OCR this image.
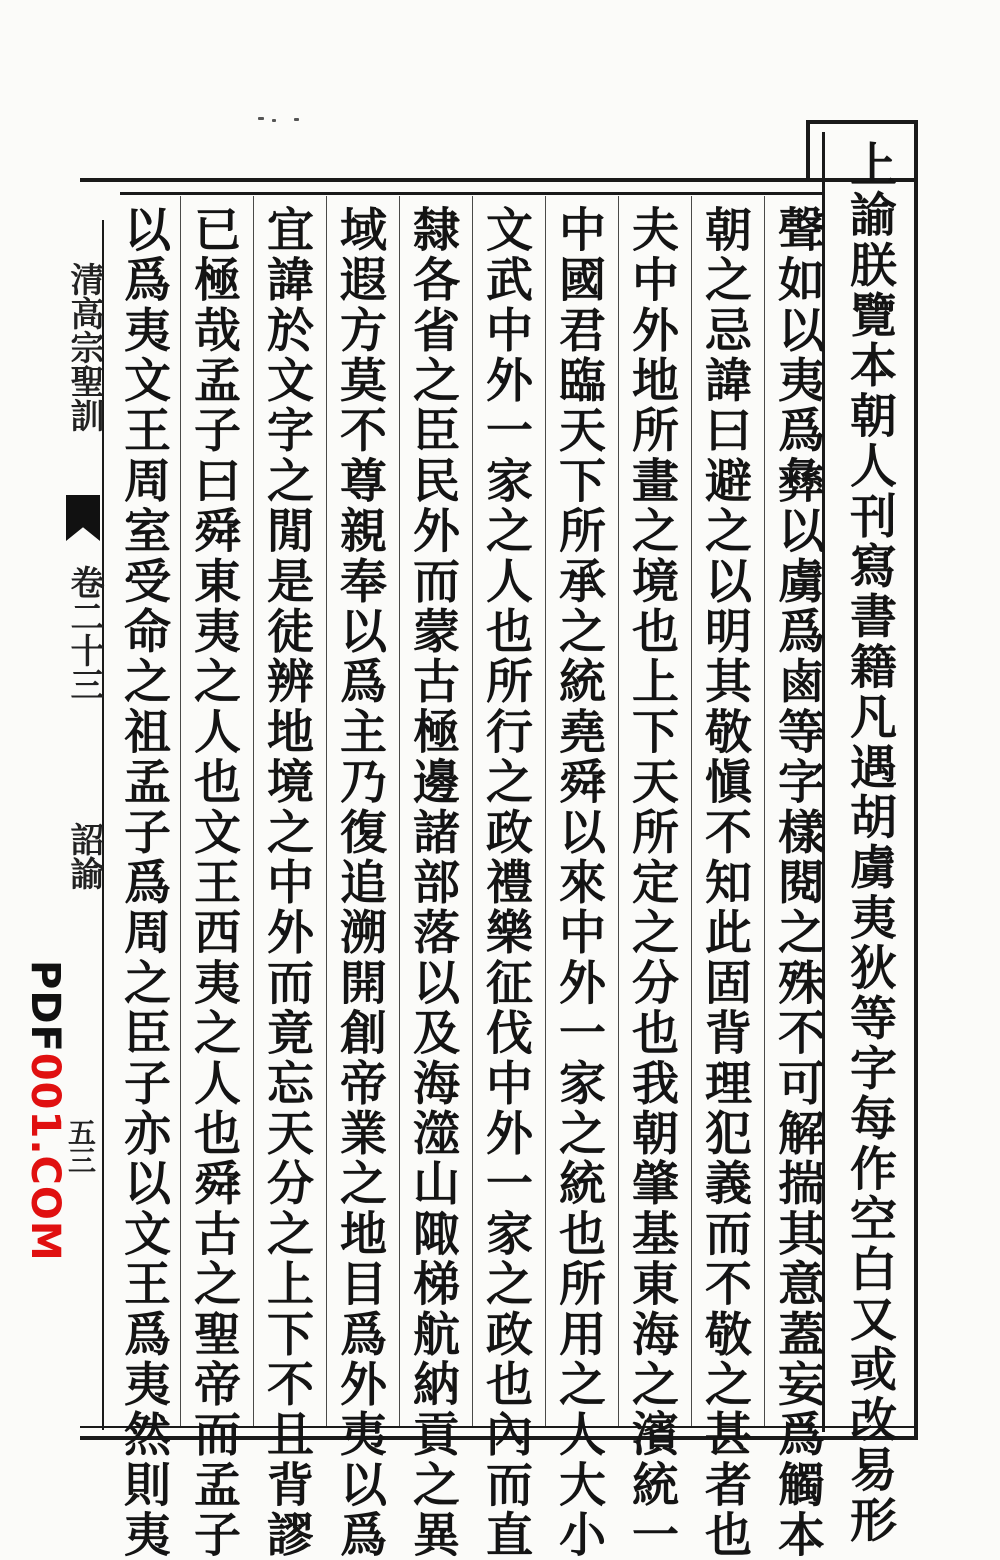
上諭朕覽本朝人刊寫書籍凡遇胡虜夷狄等字每作空白又或改易形
聲如以夷爲彝以虜爲鹵等字樣閱之殊不可解揣其意蓋妄爲觸本
朝之忌諱曰避之以明其敬愼不知此固背理犯義而不敬之甚者也
夫中外地所畫之境也上下天所定之分也我朝肇基東海之濱統一
中國君臨天下所承之統堯舜以來中外一家之統也所用之人大小
文武中外一家之人也所行之政禮樂征伐中外一家之政也內而直
隸各省之臣民外而蒙古極邊諸部落以及海澨山陬梯航納貢之異
域遐方莫不尊親奉以爲主乃復追溯開創帝業之地目爲外夷以爲
宜諱於文字之閒是徒辨地境之中外而竟忘天分之上下不且背謬
已極哉孟子曰舜東夷之人也文王西夷之人也舜古之聖帝而孟子
以爲夷文王周室受命之祖孟子爲周之臣子亦以文王爲夷然則夷
清高宗聖訓
卷二十三
詔諭
五三
PDF001.COM
